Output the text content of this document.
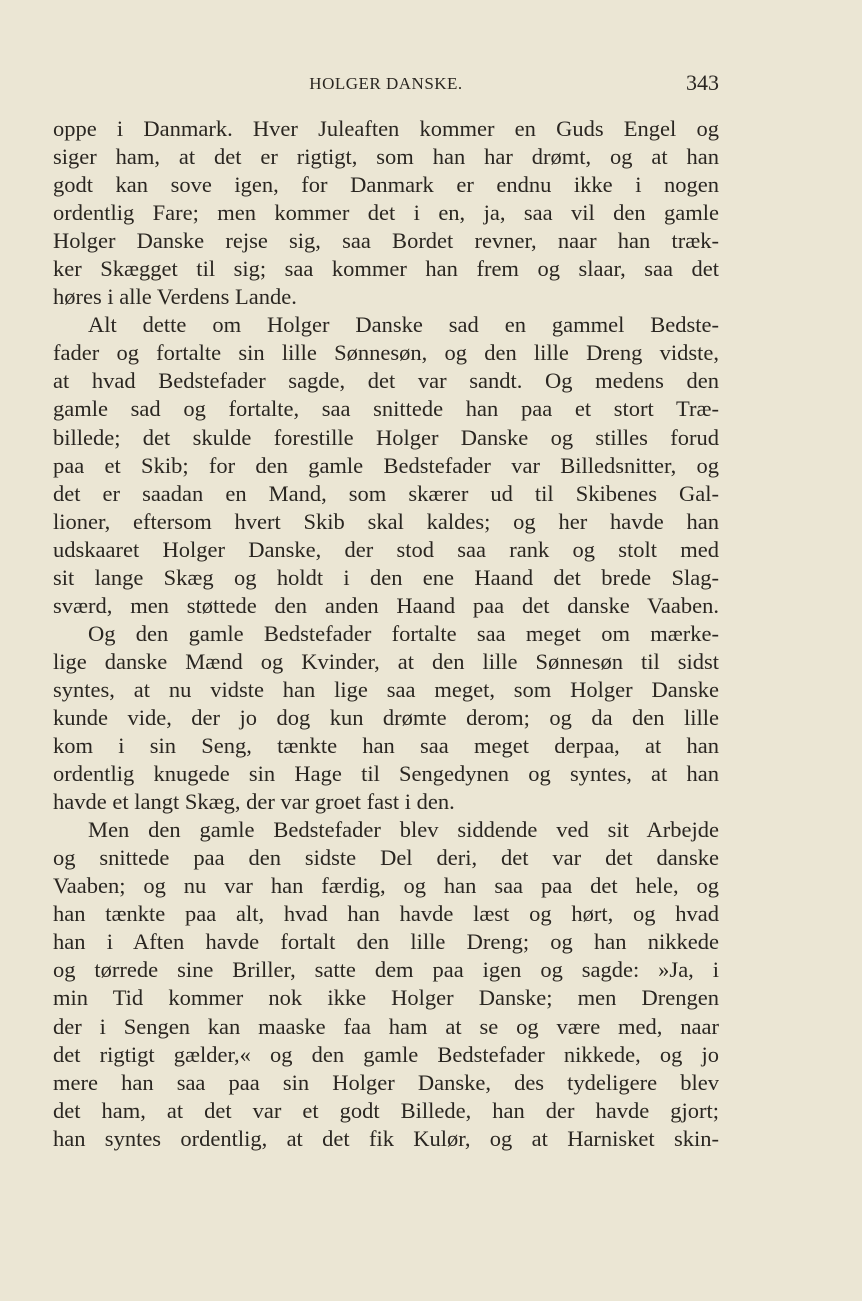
HOLGER DANSKE.	343
oppe i Danmark. Hver Juleaften kommer en Guds Engel og
siger ham, at det er rigtigt, som han har drømt, og at han
godt kan sove igen, for Danmark er endnu ikke i nogen
ordentlig Fare; men kommer det i en, ja, saa vil den gamle
Holger Danske rejse sig, saa Bordet revner, naar han træk-
ker Skægget til sig; saa kommer han frem og slaar, saa det
høres i alle Verdens Lande.
Alt dette om Holger Danske sad en gammel Bedste-
fader og fortalte sin lille Sønnesøn, og den lille Dreng vidste,
at hvad Bedstefader sagde, det var sandt. Og medens den
gamle sad og fortalte, saa snittede han paa et stort Træ-
billede; det skulde forestille Holger Danske og stilles forud
paa et Skib; for den gamle Bedstefader var Billedsnitter, og
det er saadan en Mand, som skærer ud til Skibenes Gal-
lioner, eftersom hvert Skib skal kaldes; og her havde han
udskaaret Holger Danske, der stod saa rank og stolt med
sit lange Skæg og holdt i den ene Haand det brede Slag-
sværd, men støttede den anden Haand paa det danske Vaaben.
Og den gamle Bedstefader fortalte saa meget om mærke-
lige danske Mænd og Kvinder, at den lille Sønnesøn til sidst
syntes, at nu vidste han lige saa meget, som Holger Danske
kunde vide, der jo dog kun drømte derom; og da den lille
kom i sin Seng, tænkte han saa meget derpaa, at han
ordentlig knugede sin Hage til Sengedynen og syntes, at han
havde et langt Skæg, der var groet fast i den.
Men den gamle Bedstefader blev siddende ved sit Arbejde
og snittede paa den sidste Del deri, det var det danske
Vaaben; og nu var han færdig, og han saa paa det hele, og
han tænkte paa alt, hvad han havde læst og hørt, og hvad
han i Aften havde fortalt den lille Dreng; og han nikkede
og tørrede sine Briller, satte dem paa igen og sagde: »Ja, i
min Tid kommer nok ikke Holger Danske; men Drengen
der i Sengen kan maaske faa ham at se og være med, naar
det rigtigt gælder,« og den gamle Bedstefader nikkede, og jo
mere han saa paa sin Holger Danske, des tydeligere blev
det ham, at det var et godt Billede, han der havde gjort;
han syntes ordentlig, at det fik Kulør, og at Harnisket skin-
